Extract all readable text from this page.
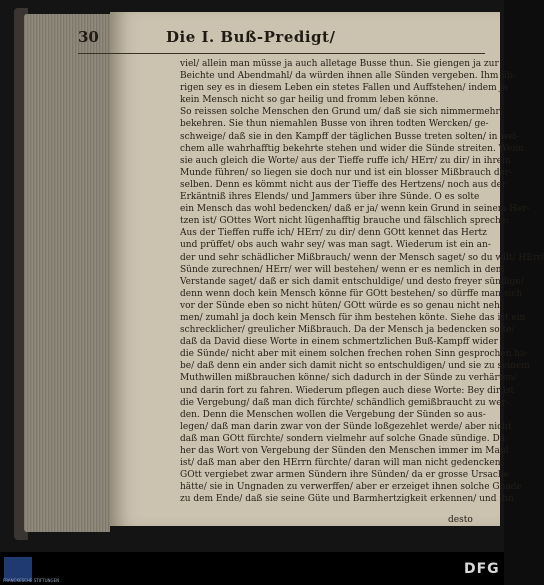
30	Die I. Buß-Predigt/
viel/ allein man müsse ja auch alletage Busse thun. Sie giengen ja zur
Beichte und Abendmahl/ da würden ihnen alle Sünden vergeben. Ihm üb-
rigen sey es in diesem Leben ein stetes Fallen und Auffstehen/ indem ja
kein Mensch nicht so gar heilig und fromm leben könne.
So reissen solche Menschen den Grund um/ daß sie sich nimmermehr
bekehren. Sie thun niemahlen Busse von ihren todten Wercken/ ge-
schweige/ daß sie in den Kampff der täglichen Busse treten solten/ in wel-
chem alle wahrhafftig bekehrte stehen und wider die Sünde streiten. Wenn
sie auch gleich die Worte/ aus der Tieffe ruffe ich/ HErr/ zu dir/ in ihrem
Munde führen/ so liegen sie doch nur und ist ein blosser Mißbrauch der-
selben. Denn es kömmt nicht aus der Tieffe des Hertzens/ noch aus der
Erkäntniß ihres Elends/ und Jammers über ihre Sünde. O es solte
ein Mensch das wohl bedencken/ daß er ja/ wenn kein Grund in seinem Her-
tzen ist/ GOttes Wort nicht lügenhafftig brauche und fälschlich spreche:
Aus der Tieffen ruffe ich/ HErr/ zu dir/ denn GOtt kennet das Hertz
und prüffet/ obs auch wahr sey/ was man sagt. Wiederum ist ein an-
der und sehr schädlicher Mißbrauch/ wenn der Mensch saget/ so du wilt/ HErr/
Sünde zurechnen/ HErr/ wer will bestehen/ wenn er es nemlich in dem
Verstande saget/ daß er sich damit entschuldige/ und desto freyer sündige/
denn wenn doch kein Mensch könne für GOtt bestehen/ so dürffe man sich
vor der Sünde eben so nicht hüten/ GOtt würde es so genau nicht neh-
men/ zumahl ja doch kein Mensch für ihm bestehen könte. Siehe das ist ein
schrecklicher/ greulicher Mißbrauch. Da der Mensch ja bedencken solte/
daß da David diese Worte in einem schmertzlichen Buß-Kampff wider
die Sünde/ nicht aber mit einem solchen frechen rohen Sinn gesprochen ha-
be/ daß denn ein ander sich damit nicht so entschuldigen/ und sie zu seinem
Muthwillen mißbrauchen könne/ sich dadurch in der Sünde zu verhärten/
und darin fort zu fahren. Wiederum pflegen auch diese Worte: Bey dir ist
die Vergebung/ daß man dich fürchte/ schändlich gemißbraucht zu wer-
den. Denn die Menschen wollen die Vergebung der Sünden so aus-
legen/ daß man darin zwar von der Sünde loßgezehlet werde/ aber nicht
daß man GOtt fürchte/ sondern vielmehr auf solche Gnade sündige. Da-
her das Wort von Vergebung der Sünden den Menschen immer im Maul
ist/ daß man aber den HErrn fürchte/ daran will man nicht gedencken.
GOtt vergiebet zwar armen Sündern ihre Sünden/ da er grosse Ursache
hätte/ sie in Ungnaden zu verwerffen/ aber er erzeiget ihnen solche Gnade
zu dem Ende/ daß sie seine Güte und Barmhertzigkeit erkennen/ und ihn
desto
FRANCKESCHE STIFTUNGEN
DFG
